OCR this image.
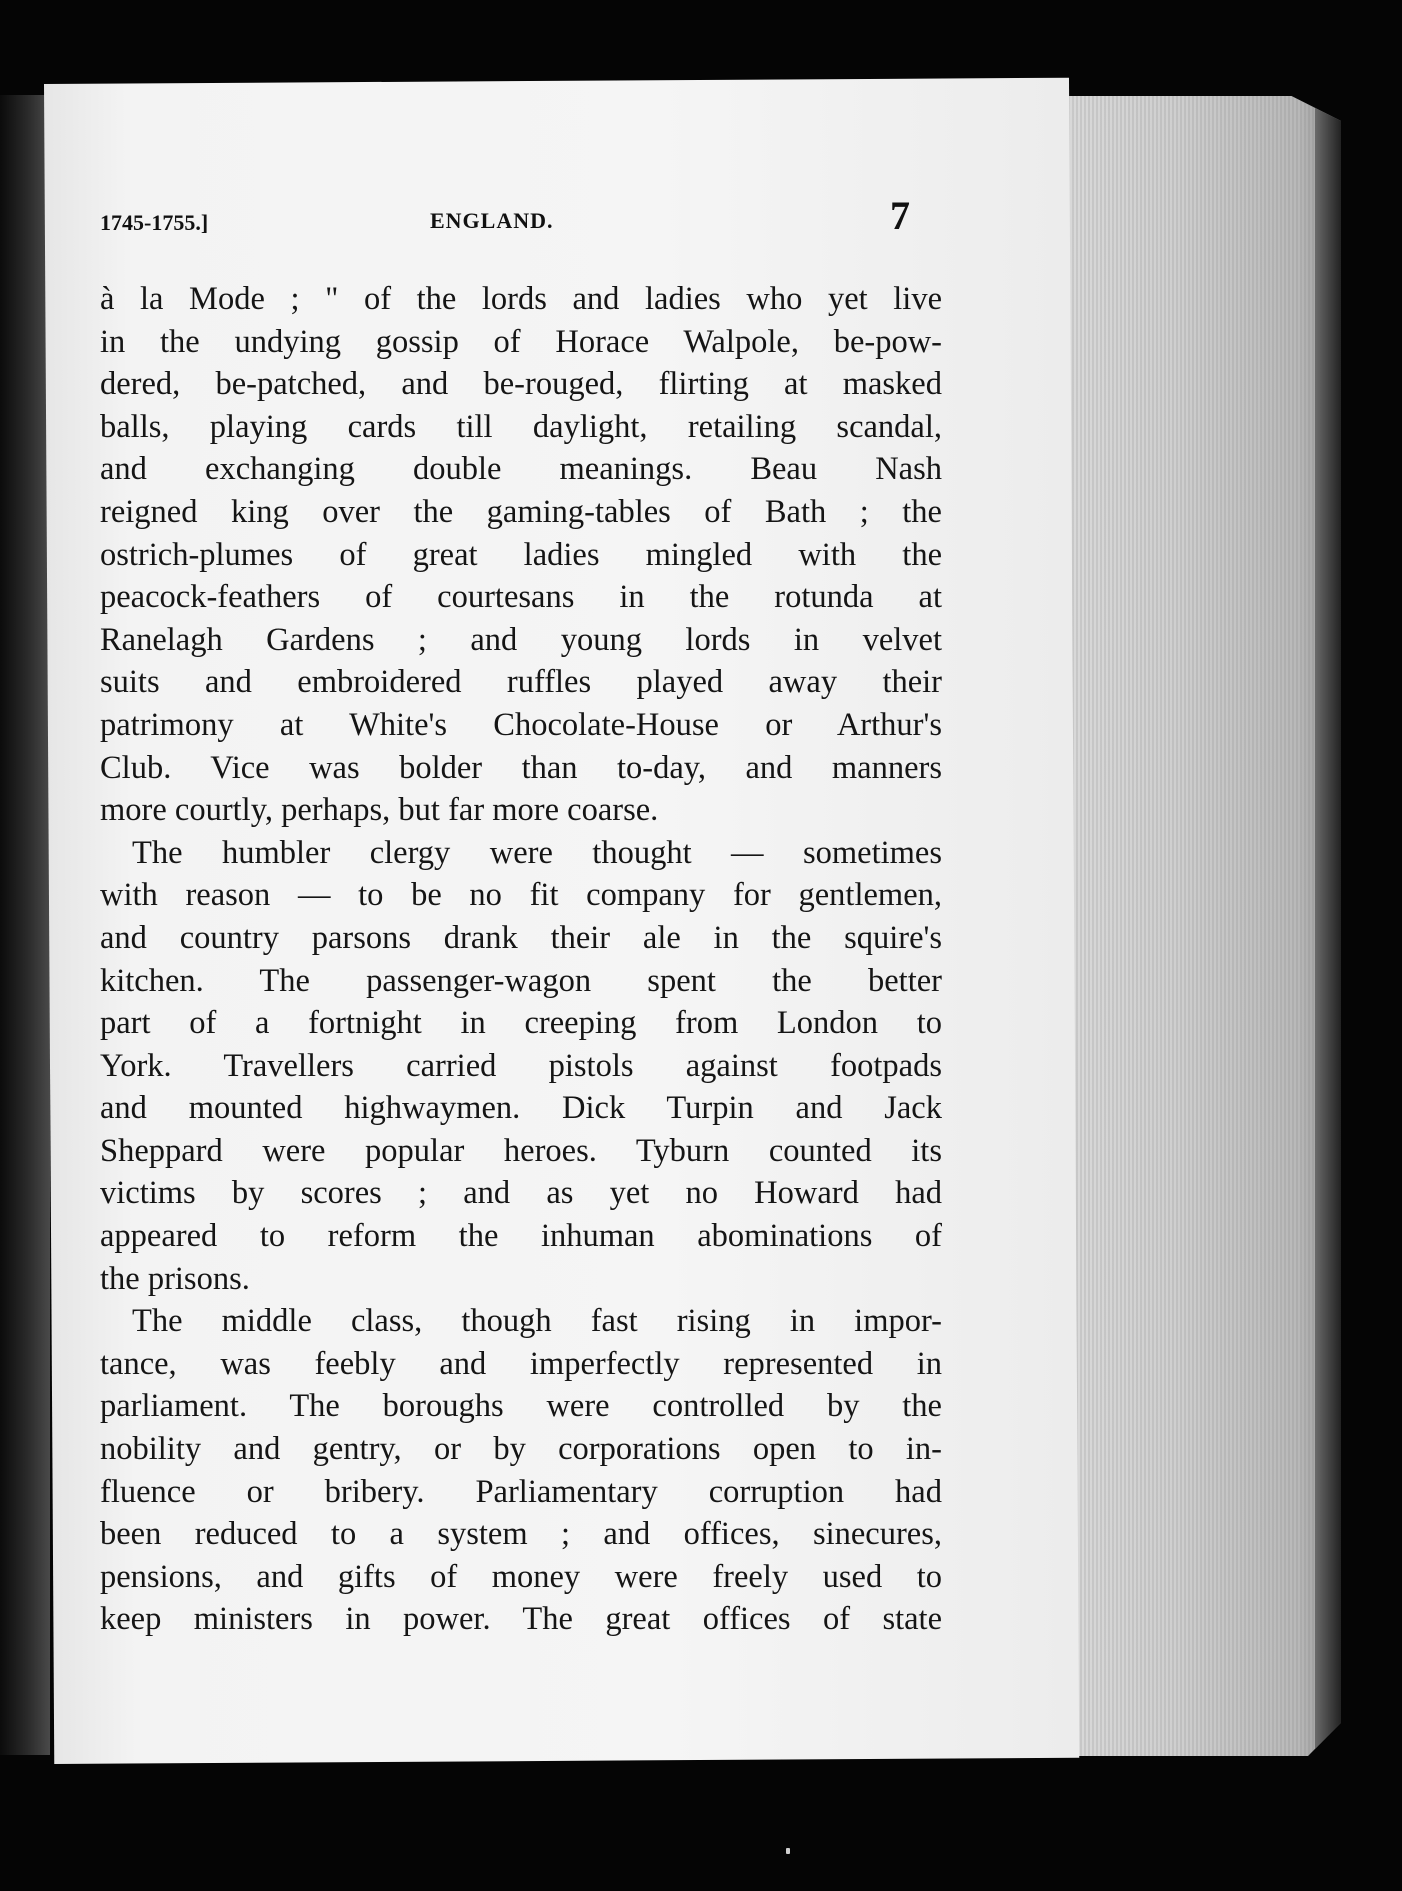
1745-1755.]	ENGLAND.	7
à la Mode ; " of the lords and ladies who yet live
in the undying gossip of Horace Walpole, be-pow-
dered, be-patched, and be-rouged, flirting at masked
balls, playing cards till daylight, retailing scandal,
and exchanging double meanings. Beau Nash
reigned king over the gaming-tables of Bath ; the
ostrich-plumes of great ladies mingled with the
peacock-feathers of courtesans in the rotunda at
Ranelagh Gardens ; and young lords in velvet
suits and embroidered ruffles played away their
patrimony at White's Chocolate-House or Arthur's
Club. Vice was bolder than to-day, and manners
more courtly, perhaps, but far more coarse.
The humbler clergy were thought — sometimes
with reason — to be no fit company for gentlemen,
and country parsons drank their ale in the squire's
kitchen. The passenger-wagon spent the better
part of a fortnight in creeping from London to
York. Travellers carried pistols against footpads
and mounted highwaymen. Dick Turpin and Jack
Sheppard were popular heroes. Tyburn counted its
victims by scores ; and as yet no Howard had
appeared to reform the inhuman abominations of
the prisons.
The middle class, though fast rising in impor-
tance, was feebly and imperfectly represented in
parliament. The boroughs were controlled by the
nobility and gentry, or by corporations open to in-
fluence or bribery. Parliamentary corruption had
been reduced to a system ; and offices, sinecures,
pensions, and gifts of money were freely used to
keep ministers in power. The great offices of state
